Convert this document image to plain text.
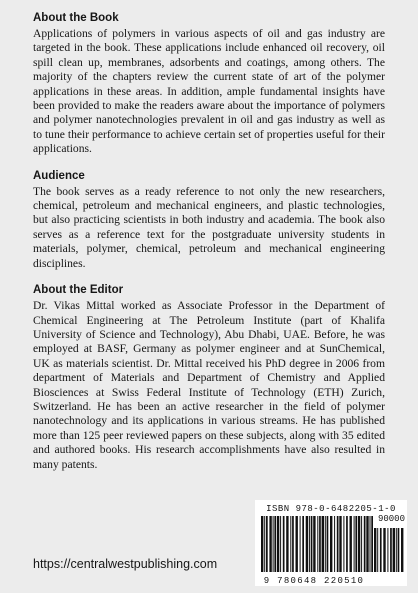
About the Book

Applications of polymers in various aspects of oil and gas industry are targeted in the book. These applications include enhanced oil recovery, oil spill clean up, membranes, adsorbents and coatings, among others. The majority of the chapters review the current state of art of the polymer applications in these areas. In addition, ample fundamental insights have been provided to make the readers aware about the importance of polymers and polymer nanotechnologies prevalent in oil and gas industry as well as to tune their performance to achieve certain set of properties useful for their applications.

Audience

The book serves as a ready reference to not only the new researchers, chemical, petroleum and mechanical engineers, and plastic technologies, but also practicing scientists in both industry and academia. The book also serves as a reference text for the postgraduate university students in materials, polymer, chemical, petroleum and mechanical engineering disciplines.

About the Editor

Dr. Vikas Mittal worked as Associate Professor in the Department of Chemical Engineering at The Petroleum Institute (part of Khalifa University of Science and Technology), Abu Dhabi, UAE. Before, he was employed at BASF, Germany as polymer engineer and at SunChemical, UK as materials scientist. Dr. Mittal received his PhD degree in 2006 from department of Materials and Department of Chemistry and Applied Biosciences at Swiss Federal Institute of Technology (ETH) Zurich, Switzerland. He has been an active researcher in the field of polymer nanotechnology and its applications in various streams. He has published more than 125 peer reviewed papers on these subjects, along with 35 edited and authored books. His research accomplishments have also resulted in many patents.

https://centralwestpublishing.com
ISBN 978-0-6482205-1-0
90000
9 780648 220510
